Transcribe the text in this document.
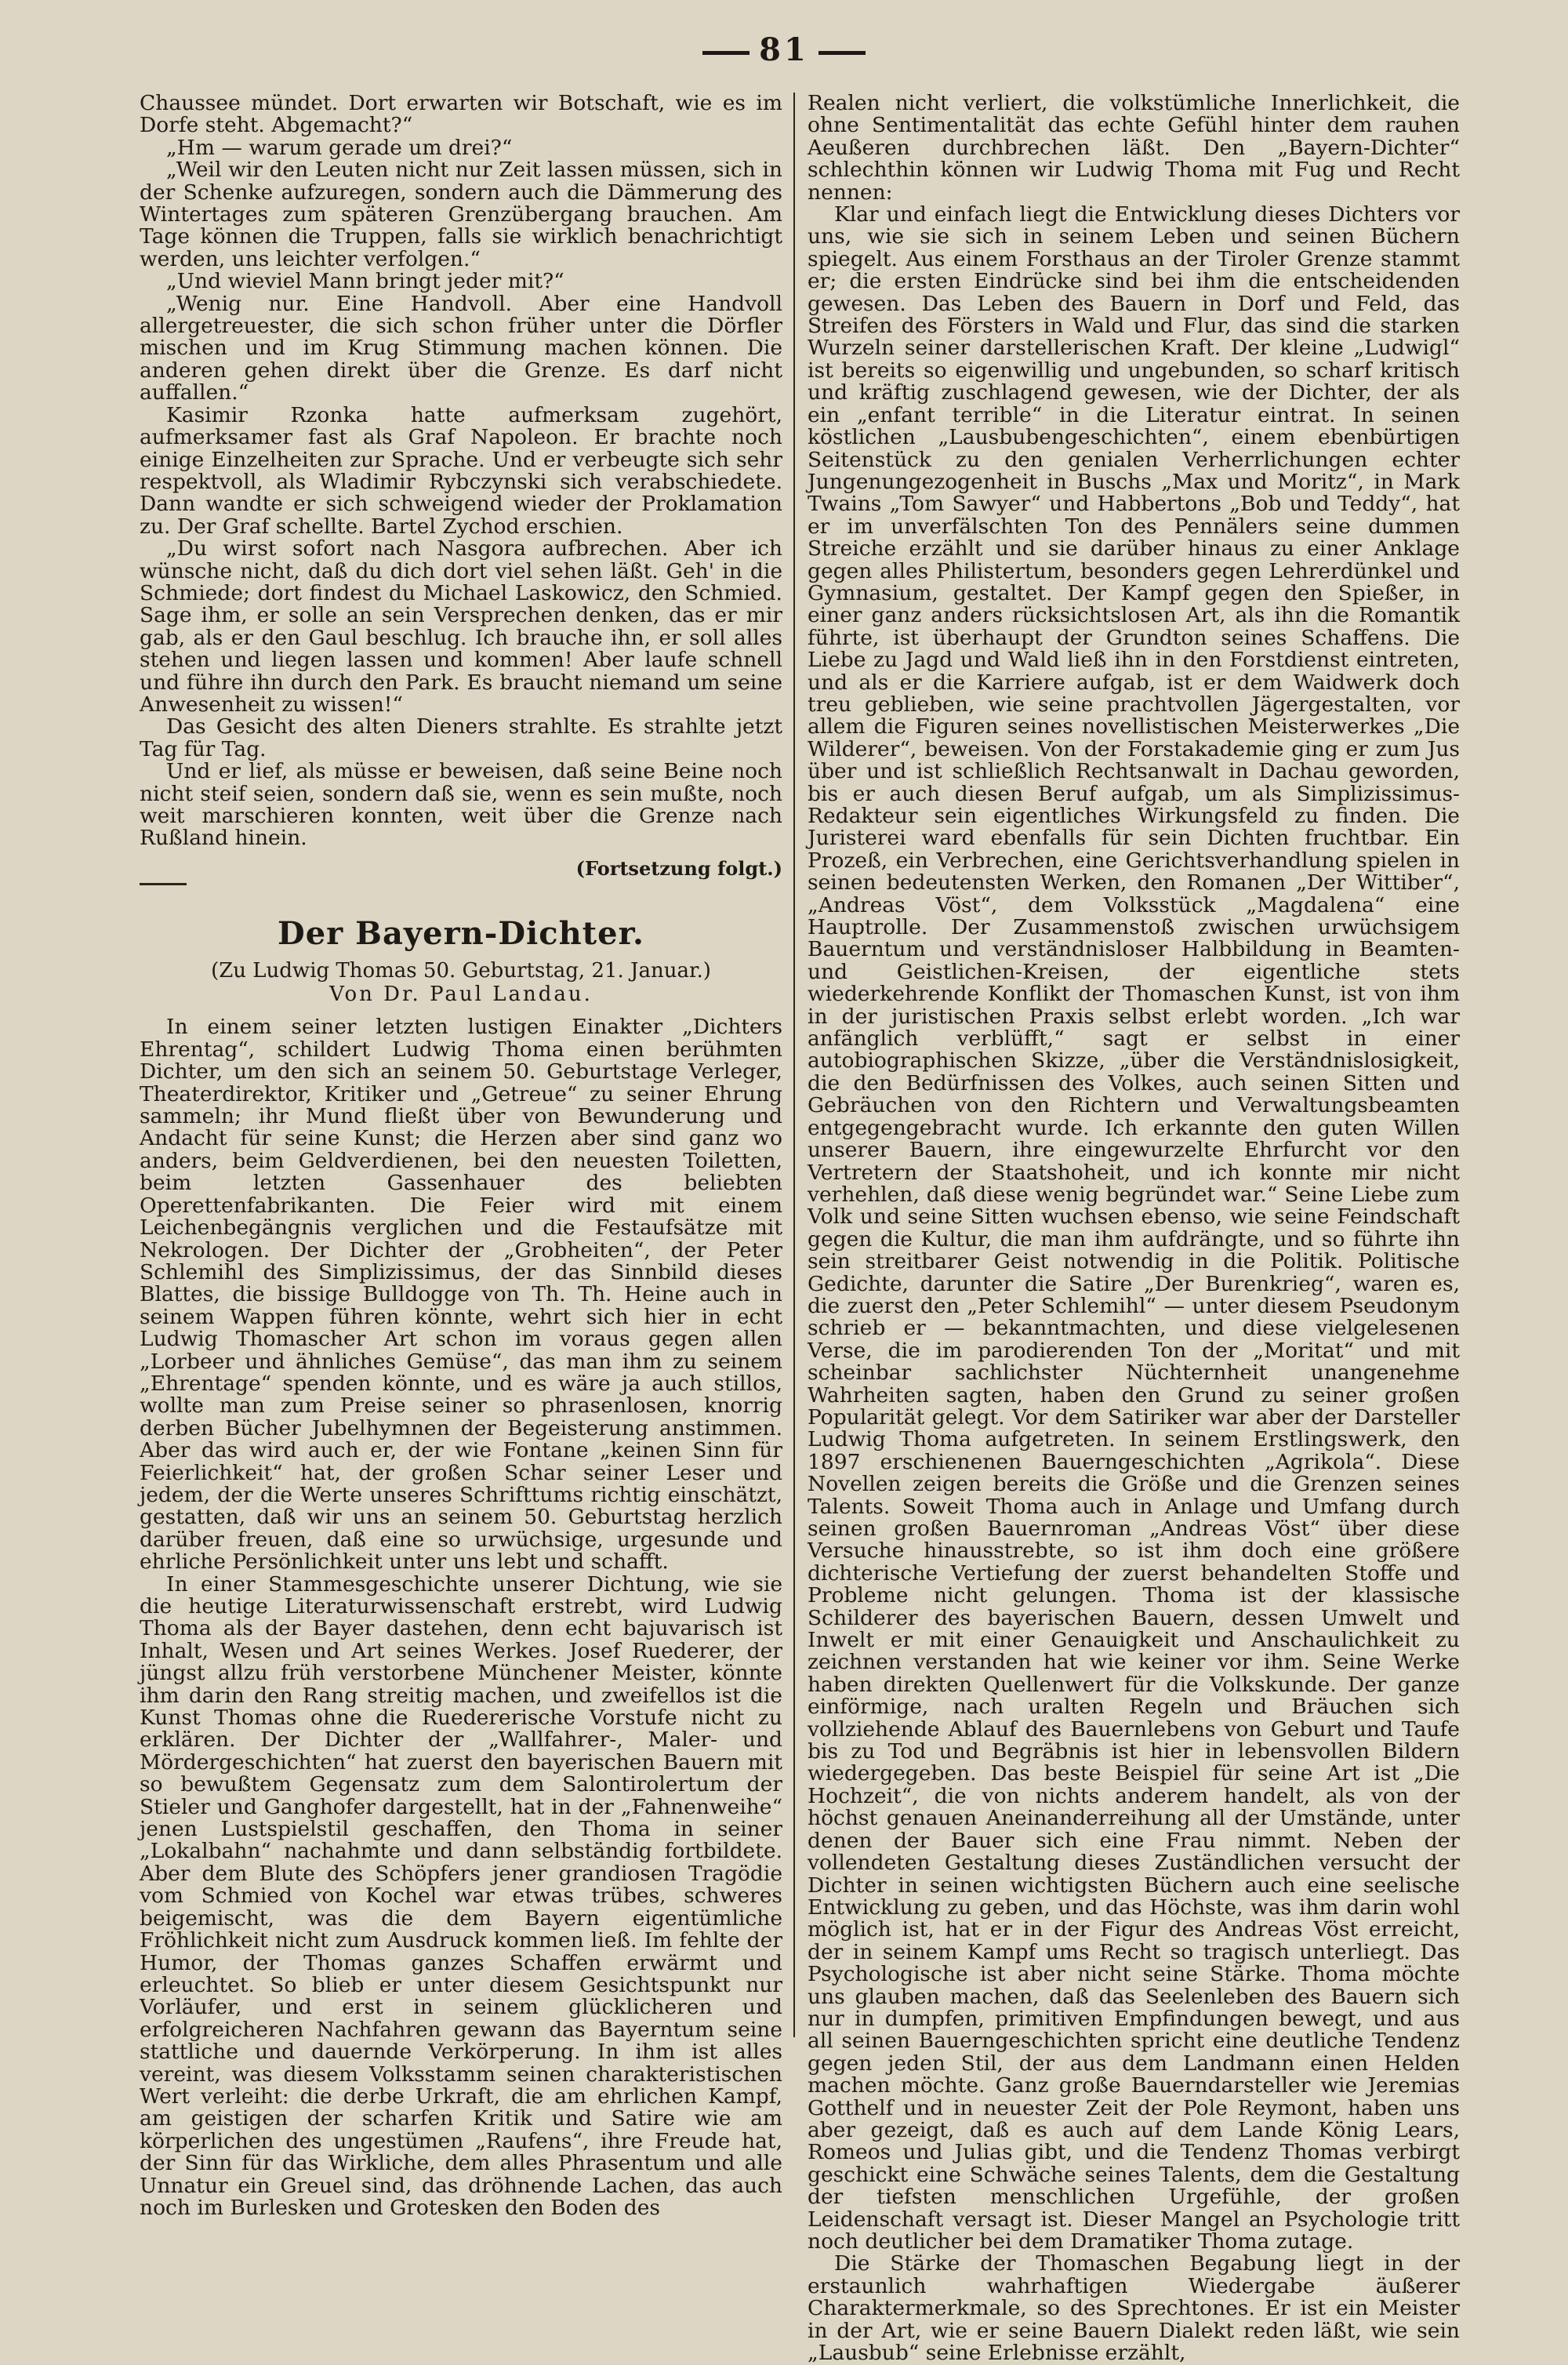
81

Chaussee mündet. Dort erwarten wir Botschaft, wie es im Dorfe steht. Abgemacht?“

„Hm — warum gerade um drei?“

„Weil wir den Leuten nicht nur Zeit lassen müssen, sich in der Schenke aufzuregen, sondern auch die Dämmerung des Wintertages zum späteren Grenzübergang brauchen. Am Tage können die Truppen, falls sie wirklich benachrichtigt werden, uns leichter verfolgen.“

„Und wieviel Mann bringt jeder mit?“

„Wenig nur. Eine Handvoll. Aber eine Handvoll allergetreuester, die sich schon früher unter die Dörfler mischen und im Krug Stimmung machen können. Die anderen gehen direkt über die Grenze. Es darf nicht auffallen.“

Kasimir Rzonka hatte aufmerksam zugehört, aufmerksamer fast als Graf Napoleon. Er brachte noch einige Einzelheiten zur Sprache. Und er verbeugte sich sehr respektvoll, als Wladimir Rybczynski sich verabschiedete. Dann wandte er sich schweigend wieder der Proklamation zu. Der Graf schellte. Bartel Zychod erschien.

„Du wirst sofort nach Nasgora aufbrechen. Aber ich wünsche nicht, daß du dich dort viel sehen läßt. Geh' in die Schmiede; dort findest du Michael Laskowicz, den Schmied. Sage ihm, er solle an sein Versprechen denken, das er mir gab, als er den Gaul beschlug. Ich brauche ihn, er soll alles stehen und liegen lassen und kommen! Aber laufe schnell und führe ihn durch den Park. Es braucht niemand um seine Anwesenheit zu wissen!“

Das Gesicht des alten Dieners strahlte. Es strahlte jetzt Tag für Tag.

Und er lief, als müsse er beweisen, daß seine Beine noch nicht steif seien, sondern daß sie, wenn es sein mußte, noch weit marschieren konnten, weit über die Grenze nach Rußland hinein.

(Fortsetzung folgt.)

Der Bayern-Dichter.

(Zu Ludwig Thomas 50. Geburtstag, 21. Januar.)

Von Dr. Paul Landau.

In einem seiner letzten lustigen Einakter „Dichters Ehrentag“, schildert Ludwig Thoma einen berühmten Dichter, um den sich an seinem 50. Geburtstage Verleger, Theaterdirektor, Kritiker und „Getreue“ zu seiner Ehrung sammeln; ihr Mund fließt über von Bewunderung und Andacht für seine Kunst; die Herzen aber sind ganz wo anders, beim Geldverdienen, bei den neuesten Toiletten, beim letzten Gassenhauer des beliebten Operettenfabrikanten. Die Feier wird mit einem Leichenbegängnis verglichen und die Festaufsätze mit Nekrologen. Der Dichter der „Grobheiten“, der Peter Schlemihl des Simplizissimus, der das Sinnbild dieses Blattes, die bissige Bulldogge von Th. Th. Heine auch in seinem Wappen führen könnte, wehrt sich hier in echt Ludwig Thomascher Art schon im voraus gegen allen „Lorbeer und ähnliches Gemüse“, das man ihm zu seinem „Ehrentage“ spenden könnte, und es wäre ja auch stillos, wollte man zum Preise seiner so phrasenlosen, knorrig derben Bücher Jubelhymnen der Begeisterung anstimmen. Aber das wird auch er, der wie Fontane „keinen Sinn für Feierlichkeit“ hat, der großen Schar seiner Leser und jedem, der die Werte unseres Schrifttums richtig einschätzt, gestatten, daß wir uns an seinem 50. Geburtstag herzlich darüber freuen, daß eine so urwüchsige, urgesunde und ehrliche Persönlichkeit unter uns lebt und schafft.

In einer Stammesgeschichte unserer Dichtung, wie sie die heutige Literaturwissenschaft erstrebt, wird Ludwig Thoma als der Bayer dastehen, denn echt bajuvarisch ist Inhalt, Wesen und Art seines Werkes. Josef Ruederer, der jüngst allzu früh verstorbene Münchener Meister, könnte ihm darin den Rang streitig machen, und zweifellos ist die Kunst Thomas ohne die Ruedererische Vorstufe nicht zu erklären. Der Dichter der „Wallfahrer-, Maler- und Mördergeschichten“ hat zuerst den bayerischen Bauern mit so bewußtem Gegensatz zum dem Salontirolertum der Stieler und Ganghofer dargestellt, hat in der „Fahnenweihe“ jenen Lustspielstil geschaffen, den Thoma in seiner „Lokalbahn“ nachahmte und dann selbständig fortbildete. Aber dem Blute des Schöpfers jener grandiosen Tragödie vom Schmied von Kochel war etwas trübes, schweres beigemischt, was die dem Bayern eigentümliche Fröhlichkeit nicht zum Ausdruck kommen ließ. Im fehlte der Humor, der Thomas ganzes Schaffen erwärmt und erleuchtet. So blieb er unter diesem Gesichtspunkt nur Vorläufer, und erst in seinem glücklicheren und erfolgreicheren Nachfahren gewann das Bayerntum seine stattliche und dauernde Verkörperung. In ihm ist alles vereint, was diesem Volksstamm seinen charakteristischen Wert verleiht: die derbe Urkraft, die am ehrlichen Kampf, am geistigen der scharfen Kritik und Satire wie am körperlichen des ungestümen „Raufens“, ihre Freude hat, der Sinn für das Wirkliche, dem alles Phrasentum und alle Unnatur ein Greuel sind, das dröhnende Lachen, das auch noch im Burlesken und Grotesken den Boden des

Realen nicht verliert, die volkstümliche Innerlichkeit, die ohne Sentimentalität das echte Gefühl hinter dem rauhen Aeußeren durchbrechen läßt. Den „Bayern-Dichter“ schlechthin können wir Ludwig Thoma mit Fug und Recht nennen:

Klar und einfach liegt die Entwicklung dieses Dichters vor uns, wie sie sich in seinem Leben und seinen Büchern spiegelt. Aus einem Forsthaus an der Tiroler Grenze stammt er; die ersten Eindrücke sind bei ihm die entscheidenden gewesen. Das Leben des Bauern in Dorf und Feld, das Streifen des Försters in Wald und Flur, das sind die starken Wurzeln seiner darstellerischen Kraft. Der kleine „Ludwigl“ ist bereits so eigenwillig und ungebunden, so scharf kritisch und kräftig zuschlagend gewesen, wie der Dichter, der als ein „enfant terrible“ in die Literatur eintrat. In seinen köstlichen „Lausbubengeschichten“, einem ebenbürtigen Seitenstück zu den genialen Verherrlichungen echter Jungenungezogenheit in Buschs „Max und Moritz“, in Mark Twains „Tom Sawyer“ und Habbertons „Bob und Teddy“, hat er im unverfälschten Ton des Pennälers seine dummen Streiche erzählt und sie darüber hinaus zu einer Anklage gegen alles Philistertum, besonders gegen Lehrerdünkel und Gymnasium, gestaltet. Der Kampf gegen den Spießer, in einer ganz anders rücksichtslosen Art, als ihn die Romantik führte, ist überhaupt der Grundton seines Schaffens. Die Liebe zu Jagd und Wald ließ ihn in den Forstdienst eintreten, und als er die Karriere aufgab, ist er dem Waidwerk doch treu geblieben, wie seine prachtvollen Jägergestalten, vor allem die Figuren seines novellistischen Meisterwerkes „Die Wilderer“, beweisen. Von der Forstakademie ging er zum Jus über und ist schließlich Rechtsanwalt in Dachau geworden, bis er auch diesen Beruf aufgab, um als Simplizissimus-Redakteur sein eigentliches Wirkungsfeld zu finden. Die Juristerei ward ebenfalls für sein Dichten fruchtbar. Ein Prozeß, ein Verbrechen, eine Gerichtsverhandlung spielen in seinen bedeutensten Werken, den Romanen „Der Wittiber“, „Andreas Vöst“, dem Volksstück „Magdalena“ eine Hauptrolle. Der Zusammenstoß zwischen urwüchsigem Bauerntum und verständnisloser Halbbildung in Beamten- und Geistlichen-Kreisen, der eigentliche stets wiederkehrende Konflikt der Thomaschen Kunst, ist von ihm in der juristischen Praxis selbst erlebt worden. „Ich war anfänglich verblüfft,“ sagt er selbst in einer autobiographischen Skizze, „über die Verständnislosigkeit, die den Bedürfnissen des Volkes, auch seinen Sitten und Gebräuchen von den Richtern und Verwaltungsbeamten entgegengebracht wurde. Ich erkannte den guten Willen unserer Bauern, ihre eingewurzelte Ehrfurcht vor den Vertretern der Staatshoheit, und ich konnte mir nicht verhehlen, daß diese wenig begründet war.“ Seine Liebe zum Volk und seine Sitten wuchsen ebenso, wie seine Feindschaft gegen die Kultur, die man ihm aufdrängte, und so führte ihn sein streitbarer Geist notwendig in die Politik. Politische Gedichte, darunter die Satire „Der Burenkrieg“, waren es, die zuerst den „Peter Schlemihl“ — unter diesem Pseudonym schrieb er — bekanntmachten, und diese vielgelesenen Verse, die im parodierenden Ton der „Moritat“ und mit scheinbar sachlichster Nüchternheit unangenehme Wahrheiten sagten, haben den Grund zu seiner großen Popularität gelegt. Vor dem Satiriker war aber der Darsteller Ludwig Thoma aufgetreten. In seinem Erstlingswerk, den 1897 erschienenen Bauerngeschichten „Agrikola“. Diese Novellen zeigen bereits die Größe und die Grenzen seines Talents. Soweit Thoma auch in Anlage und Umfang durch seinen großen Bauernroman „Andreas Vöst“ über diese Versuche hinausstrebte, so ist ihm doch eine größere dichterische Vertiefung der zuerst behandelten Stoffe und Probleme nicht gelungen. Thoma ist der klassische Schilderer des bayerischen Bauern, dessen Umwelt und Inwelt er mit einer Genauigkeit und Anschaulichkeit zu zeichnen verstanden hat wie keiner vor ihm. Seine Werke haben direkten Quellenwert für die Volkskunde. Der ganze einförmige, nach uralten Regeln und Bräuchen sich vollziehende Ablauf des Bauernlebens von Geburt und Taufe bis zu Tod und Begräbnis ist hier in lebensvollen Bildern wiedergegeben. Das beste Beispiel für seine Art ist „Die Hochzeit“, die von nichts anderem handelt, als von der höchst genauen Aneinanderreihung all der Umstände, unter denen der Bauer sich eine Frau nimmt. Neben der vollendeten Gestaltung dieses Zuständlichen versucht der Dichter in seinen wichtigsten Büchern auch eine seelische Entwicklung zu geben, und das Höchste, was ihm darin wohl möglich ist, hat er in der Figur des Andreas Vöst erreicht, der in seinem Kampf ums Recht so tragisch unterliegt. Das Psychologische ist aber nicht seine Stärke. Thoma möchte uns glauben machen, daß das Seelenleben des Bauern sich nur in dumpfen, primitiven Empfindungen bewegt, und aus all seinen Bauerngeschichten spricht eine deutliche Tendenz gegen jeden Stil, der aus dem Landmann einen Helden machen möchte. Ganz große Bauerndarsteller wie Jeremias Gotthelf und in neuester Zeit der Pole Reymont, haben uns aber gezeigt, daß es auch auf dem Lande König Lears, Romeos und Julias gibt, und die Tendenz Thomas verbirgt geschickt eine Schwäche seines Talents, dem die Gestaltung der tiefsten menschlichen Urgefühle, der großen Leidenschaft versagt ist. Dieser Mangel an Psychologie tritt noch deutlicher bei dem Dramatiker Thoma zutage.

Die Stärke der Thomaschen Begabung liegt in der erstaunlich wahrhaftigen Wiedergabe äußerer Charaktermerkmale, so des Sprechtones. Er ist ein Meister in der Art, wie er seine Bauern Dialekt reden läßt, wie sein „Lausbub“ seine Erlebnisse erzählt,
